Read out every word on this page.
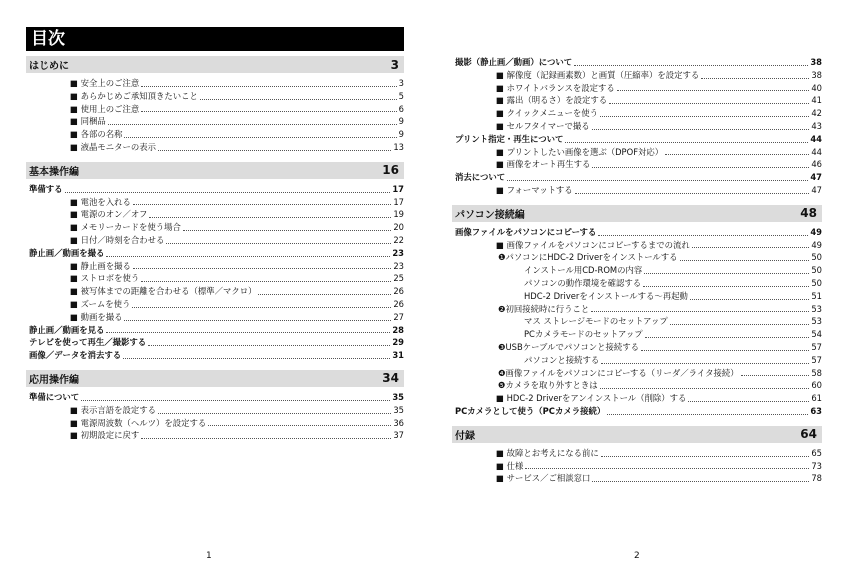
目次
はじめに	3
■ 安全上のご注意	3
■ あらかじめご承知頂きたいこと	5
■ 使用上のご注意	6
■ 同梱品	9
■ 各部の名称	9
■ 液晶モニターの表示	13
基本操作編	16
準備する	17
■ 電池を入れる	17
■ 電源のオン／オフ	19
■ メモリーカードを使う場合	20
■ 日付／時刻を合わせる	22
静止画／動画を撮る	23
■ 静止画を撮る	23
■ ストロボを使う	25
■ 被写体までの距離を合わせる（標準／マクロ）	26
■ ズームを使う	26
■ 動画を撮る	27
静止画／動画を見る	28
テレビを使って再生／撮影する	29
画像／データを消去する	31
応用操作編	34
準備について	35
■ 表示言語を設定する	35
■ 電源周波数（ヘルツ）を設定する	36
■ 初期設定に戻す	37
撮影（静止画／動画）について	38
■ 解像度（記録画素数）と画質（圧縮率）を設定する	38
■ ホワイトバランスを設定する	40
■ 露出（明るさ）を設定する	41
■ クイックメニューを使う	42
■ セルフタイマーで撮る	43
プリント指定・再生について	44
■ プリントしたい画像を選ぶ（DPOF対応）	44
■ 画像をオート再生する	46
消去について	47
■ フォーマットする	47
パソコン接続編	48
画像ファイルをパソコンにコピーする	49
■ 画像ファイルをパソコンにコピーするまでの流れ	49
❶パソコンにHDC-2 Driverをインストールする	50
インストール用CD-ROMの内容	50
パソコンの動作環境を確認する	50
HDC-2 Driverをインストールする〜再起動	51
❷初回接続時に行うこと	53
マス ストレージモードのセットアップ	53
PCカメラモードのセットアップ	54
❸USBケーブルでパソコンと接続する	57
パソコンと接続する	57
❹画像ファイルをパソコンにコピーする（リーダ／ライタ接続）	58
❺カメラを取り外すときは	60
■ HDC-2 Driverをアンインストール（削除）する	61
PCカメラとして使う（PCカメラ接続）	63
付録	64
■ 故障とお考えになる前に	65
■ 仕様	73
■ サービス／ご相談窓口	78
1	2
